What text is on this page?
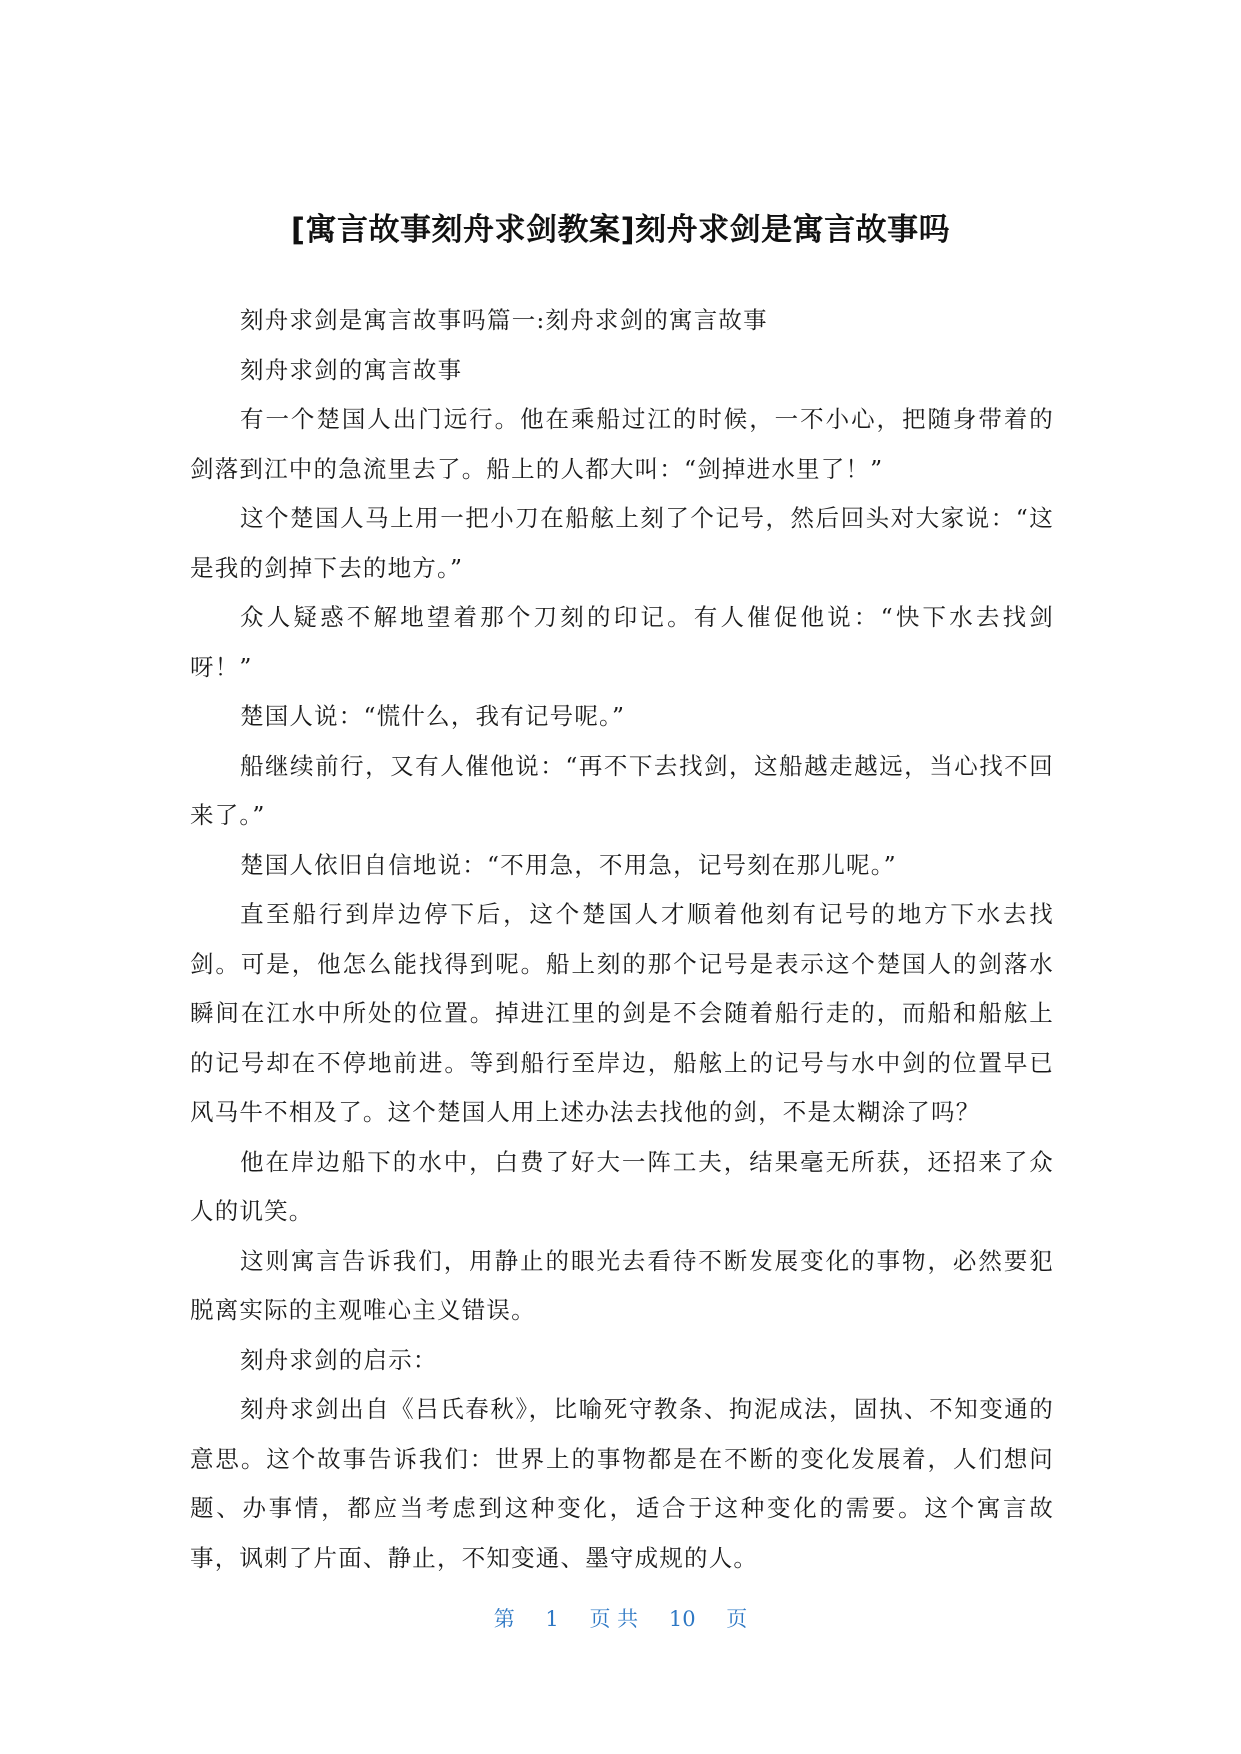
[寓言故事刻舟求剑教案]刻舟求剑是寓言故事吗

刻舟求剑是寓言故事吗篇一:刻舟求剑的寓言故事

刻舟求剑的寓言故事

有一个楚国人出门远行。他在乘船过江的时候，一不小心，把随身带着的剑落到江中的急流里去了。船上的人都大叫：“剑掉进水里了！”

这个楚国人马上用一把小刀在船舷上刻了个记号，然后回头对大家说：“这是我的剑掉下去的地方。”

众人疑惑不解地望着那个刀刻的印记。有人催促他说：“快下水去找剑呀！”

楚国人说：“慌什么，我有记号呢。”

船继续前行，又有人催他说：“再不下去找剑，这船越走越远，当心找不回来了。”

楚国人依旧自信地说：“不用急，不用急，记号刻在那儿呢。”

直至船行到岸边停下后，这个楚国人才顺着他刻有记号的地方下水去找剑。可是，他怎么能找得到呢。船上刻的那个记号是表示这个楚国人的剑落水瞬间在江水中所处的位置。掉进江里的剑是不会随着船行走的，而船和船舷上的记号却在不停地前进。等到船行至岸边，船舷上的记号与水中剑的位置早已风马牛不相及了。这个楚国人用上述办法去找他的剑，不是太糊涂了吗？

他在岸边船下的水中，白费了好大一阵工夫，结果毫无所获，还招来了众人的讥笑。

这则寓言告诉我们，用静止的眼光去看待不断发展变化的事物，必然要犯脱离实际的主观唯心主义错误。

刻舟求剑的启示：

刻舟求剑出自《吕氏春秋》，比喻死守教条、拘泥成法，固执、不知变通的意思。这个故事告诉我们：世界上的事物都是在不断的变化发展着，人们想问题、办事情，都应当考虑到这种变化，适合于这种变化的需要。这个寓言故事，讽刺了片面、静止，不知变通、墨守成规的人。

第 1 页 共 10 页
